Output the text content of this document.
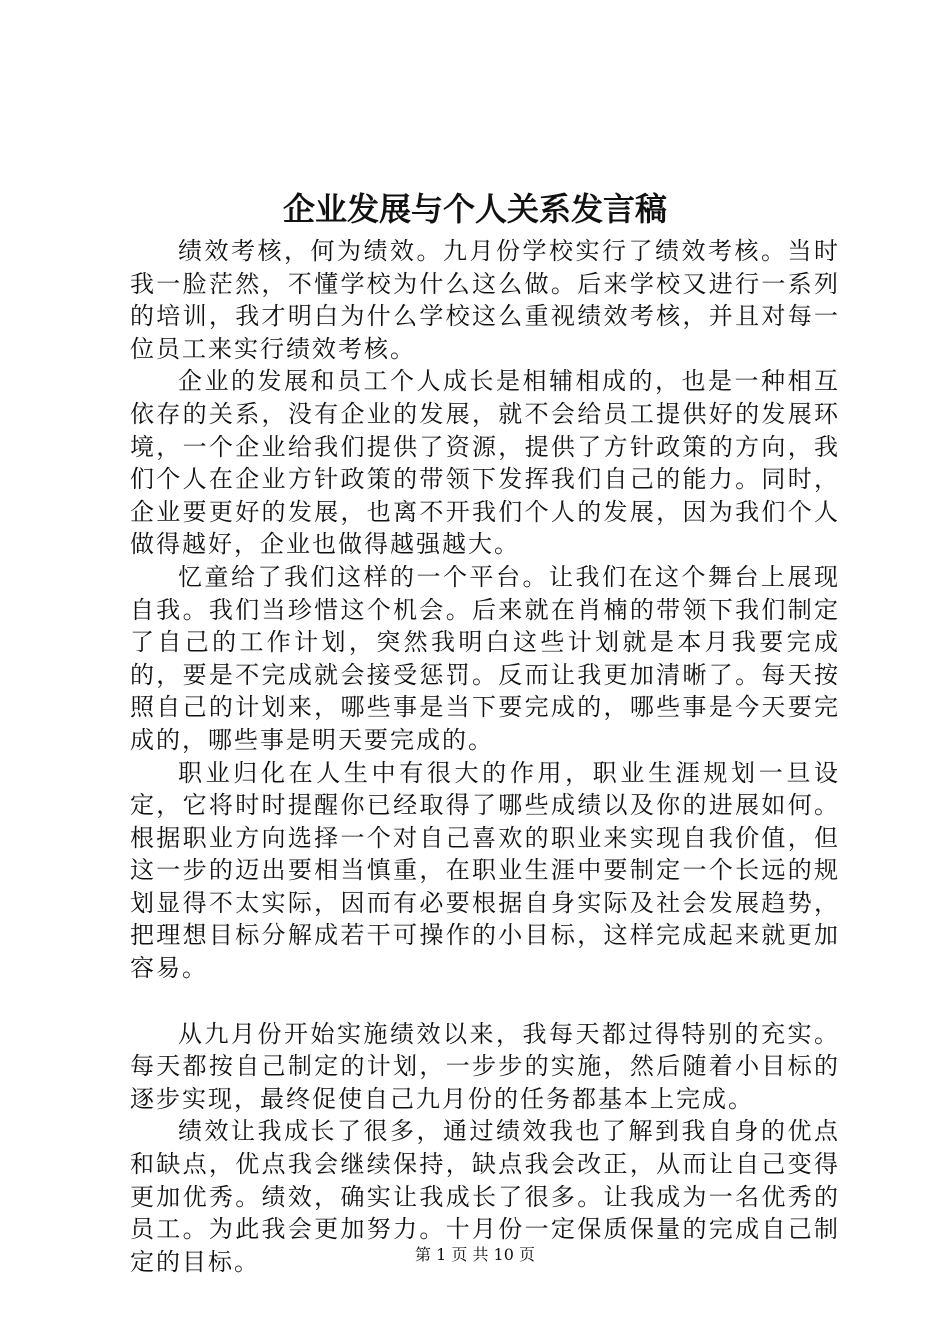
企业发展与个人关系发言稿

绩效考核，何为绩效。九月份学校实行了绩效考核。当时我一脸茫然，不懂学校为什么这么做。后来学校又进行一系列的培训，我才明白为什么学校这么重视绩效考核，并且对每一位员工来实行绩效考核。

企业的发展和员工个人成长是相辅相成的，也是一种相互依存的关系，没有企业的发展，就不会给员工提供好的发展环境，一个企业给我们提供了资源，提供了方针政策的方向，我们个人在企业方针政策的带领下发挥我们自己的能力。同时，企业要更好的发展，也离不开我们个人的发展，因为我们个人做得越好，企业也做得越强越大。

忆童给了我们这样的一个平台。让我们在这个舞台上展现自我。我们当珍惜这个机会。后来就在肖楠的带领下我们制定了自己的工作计划，突然我明白这些计划就是本月我要完成的，要是不完成就会接受惩罚。反而让我更加清晰了。每天按照自己的计划来，哪些事是当下要完成的，哪些事是今天要完成的，哪些事是明天要完成的。

职业归化在人生中有很大的作用，职业生涯规划一旦设定，它将时时提醒你已经取得了哪些成绩以及你的进展如何。根据职业方向选择一个对自己喜欢的职业来实现自我价值，但这一步的迈出要相当慎重，在职业生涯中要制定一个长远的规划显得不太实际，因而有必要根据自身实际及社会发展趋势，把理想目标分解成若干可操作的小目标，这样完成起来就更加容易。

从九月份开始实施绩效以来，我每天都过得特别的充实。每天都按自己制定的计划，一步步的实施，然后随着小目标的逐步实现，最终促使自己九月份的任务都基本上完成。

绩效让我成长了很多，通过绩效我也了解到我自身的优点和缺点，优点我会继续保持，缺点我会改正，从而让自己变得更加优秀。绩效，确实让我成长了很多。让我成为一名优秀的员工。为此我会更加努力。十月份一定保质保量的完成自己制定的目标。	第 1 页 共 10 页
